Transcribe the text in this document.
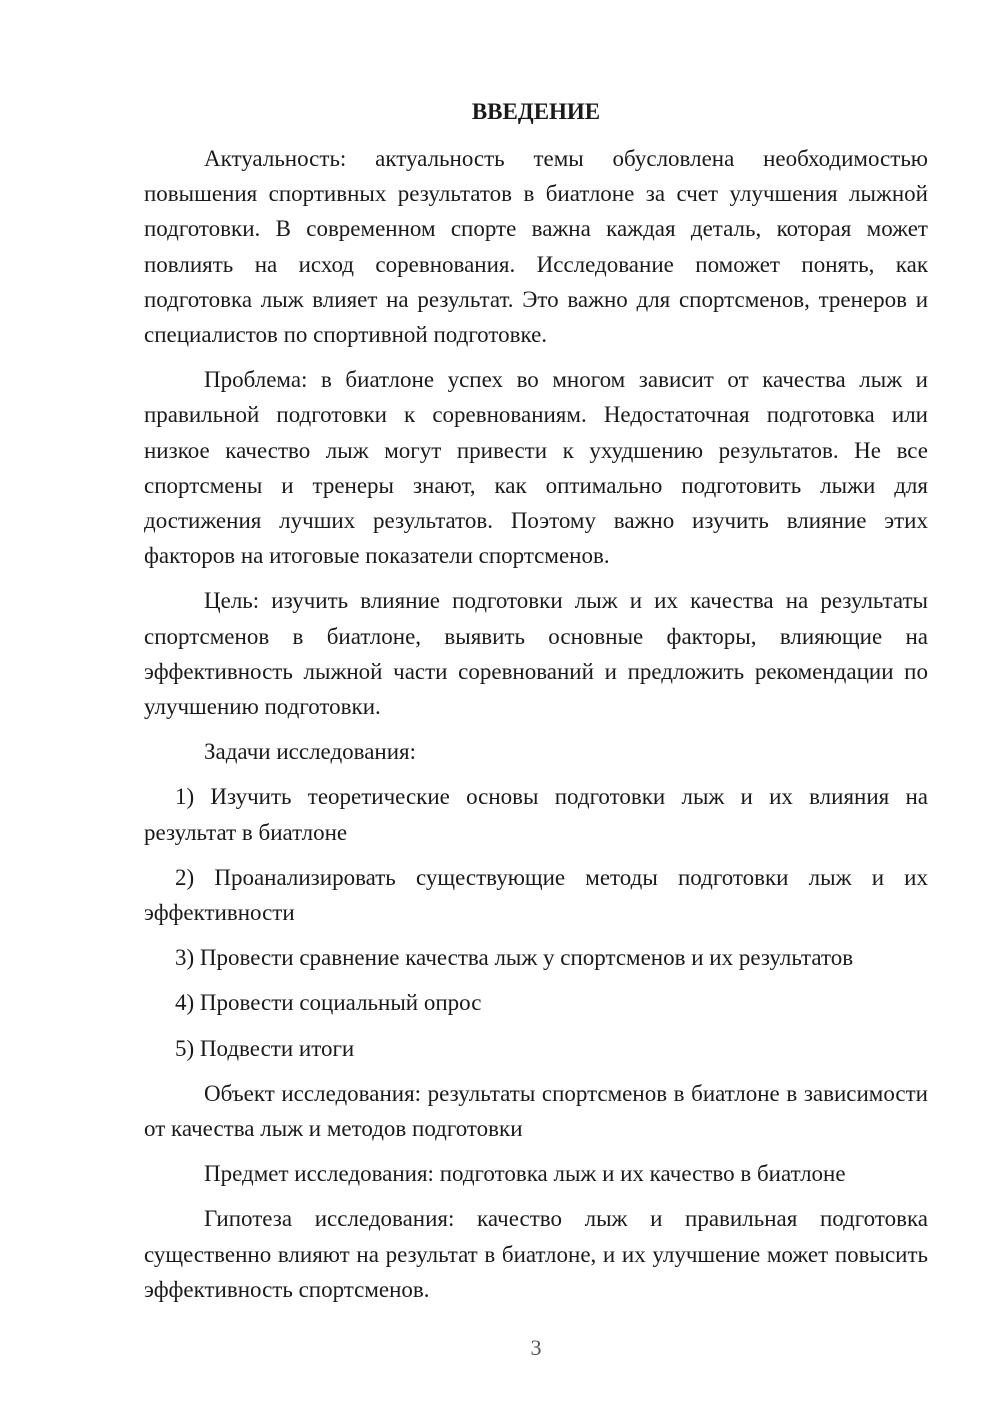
ВВЕДЕНИЕ

Актуальность: актуальность темы обусловлена необходимостью повышения спортивных результатов в биатлоне за счет улучшения лыжной подготовки. В современном спорте важна каждая деталь, которая может повлиять на исход соревнования. Исследование поможет понять, как подготовка лыж влияет на результат. Это важно для спортсменов, тренеров и специалистов по спортивной подготовке.

Проблема: в биатлоне успех во многом зависит от качества лыж и правильной подготовки к соревнованиям. Недостаточная подготовка или низкое качество лыж могут привести к ухудшению результатов. Не все спортсмены и тренеры знают, как оптимально подготовить лыжи для достижения лучших результатов. Поэтому важно изучить влияние этих факторов на итоговые показатели спортсменов.

Цель: изучить влияние подготовки лыж и их качества на результаты спортсменов в биатлоне, выявить основные факторы, влияющие на эффективность лыжной части соревнований и предложить рекомендации по улучшению подготовки.

Задачи исследования:

1) Изучить теоретические основы подготовки лыж и их влияния на результат в биатлоне

2) Проанализировать существующие методы подготовки лыж и их эффективности

3) Провести сравнение качества лыж у спортсменов и их результатов

4) Провести социальный опрос

5) Подвести итоги

Объект исследования: результаты спортсменов в биатлоне в зависимости от качества лыж и методов подготовки

Предмет исследования: подготовка лыж и их качество в биатлоне

Гипотеза исследования: качество лыж и правильная подготовка существенно влияют на результат в биатлоне, и их улучшение может повысить эффективность спортсменов.

3
